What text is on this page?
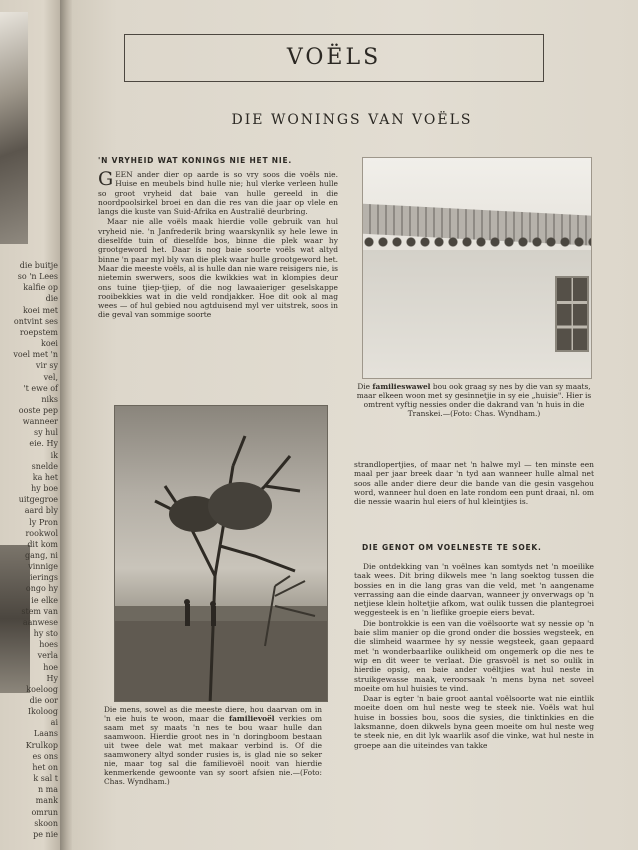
die buitje
so 'n Lees
kalfie op
die
koei met
ontvint ses
roepstem
koei
voel met 'n
vir sy
vel,
't ewe of
niks
ooste pep
wanneer
sy hul
eie. Hy
ik
snelde
ka het
hy boe
uitgegroe
aard bly
ly Pron
rookwol
dit kom
gang, ni
vinnige
ierings
ongo hy
ie elke
stem van
aanwese
hy sto
hoes
verla
hoe
Hy
koeloog
die oor
Ikoloog
ai
Laans
Krulkop
es ons
het on
k sal t
n ma
mank
omrun
skoon
pe nie
VOËLS
DIE WONINGS VAN VOËLS
'N VRYHEID WAT KONINGS NIE HET NIE.

GEEN ander dier op aarde is so vry soos die voëls nie. Huise en meubels bind hulle nie; hul vlerke verleen hulle so groot vryheid dat baie van hulle gereeld in die noordpoolsirkel broei en dan die res van die jaar op vlele en langs die kuste van Suid-Afrika en Australië deurbring.

Maar nie alle voëls maak hierdie volle gebruik van hul vryheid nie. 'n Janfrederik bring waarskynlik sy hele lewe in dieselfde tuin of dieselfde bos, binne die plek waar hy grootgeword het. Daar is nog baie soorte voëls wat altyd binne 'n paar myl bly van die plek waar hulle grootgeword het. Maar die meeste voëls, al is hulle dan nie ware reisigers nie, is nietemin swerwers, soos die kwikkies wat in klompies deur ons tuine tjiep-tjiep, of die nog lawaaieriger geselskappe rooibekkies wat in die veld rondjakker. Hoe dit ook al mag wees — of hul gebied nou agtduisend myl ver uitstrek, soos in die geval van sommige soorte

Die familieswawel bou ook graag sy nes by die van sy maats, maar elkeen woon met sy gesinnetjie in sy eie „huisie". Hier is omtrent vyftig nessies onder die dakrand van 'n huis in die Transkei.—(Foto: Chas. Wyndham.)
Die mens, sowel as die meeste diere, hou daarvan om in 'n eie huis te woon, maar die familievoël verkies om saam met sy maats 'n nes te bou waar hulle dan saamwoon. Hierdie groot nes in 'n doringboom bestaan uit twee dele wat met makaar verbind is. Of die saamwonery altyd sonder rusies is, is glad nie so seker nie, maar tog sal die familievoël nooit van hierdie kenmerkende gewoonte van sy soort afsien nie.—(Foto: Chas. Wyndham.)

strandlopertjies, of maar net 'n halwe myl — ten minste een maal per jaar breek daar 'n tyd aan wanneer hulle almal net soos alle ander diere deur die bande van die gesin vasgehou word, wanneer hul doen en late rondom een punt draai, nl. om die nessie waarin hul eiers of hul kleintjies is.

DIE GENOT OM VOELNESTE TE SOEK.

Die ontdekking van 'n voëlnes kan somtyds net 'n moeilike taak wees. Dit bring dikwels mee 'n lang soektog tussen die bossies en in die lang gras van die veld, met 'n aangename verrassing aan die einde daarvan, wanneer jy onverwags op 'n netjiese klein holtetjie afkom, wat oulik tussen die plantegroei weggesteek is en 'n lieflike groepie eiers bevat.

Die bontrokkie is een van die voëlsoorte wat sy nessie op 'n baie slim manier op die grond onder die bossies wegsteek, en die slimheid waarmee hy sy nessie wegsteek, gaan gepaard met 'n wonderbaarlike oulikheid om ongemerk op die nes te wip en dit weer te verlaat. Die grasvoël is net so oulik in hierdie opsig, en baie ander voëltjies wat hul neste in struikgewasse maak, veroorsaak 'n mens byna net soveel moeite om hul huisies te vind.

Daar is egter 'n baie groot aantal voëlsoorte wat nie eintlik moeite doen om hul neste weg te steek nie. Voëls wat hul huise in bossies bou, soos die sysies, die tinktinkies en die laksmanne, doen dikwels byna geen moeite om hul neste weg te steek nie, en dit lyk waarlik asof die vinke, wat hul neste in groepe aan die uiteindes van takke
